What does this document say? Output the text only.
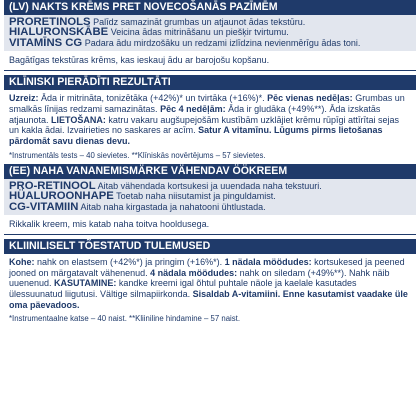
(LV) NAKTS KRĒMS PRET NOVECOŠANĀS PAZĪMĒM

PRORETINOLS Palīdz samazināt grumbas un atjaunot ādas tekstūru.

HIALURONSKĀBE Veicina ādas mitrināšanu un piešķir tvirtumu.

VITAMĪNS CG Padara ādu mirdzošāku un redzami izlīdzina nevienmērīgu ādas toni.

Bagātīgas tekstūras krēms, kas ieskauj ādu ar barojošu kopšanu.
KLĪNISKI PIERĀDĪTI REZULTĀTI
Uzreiz: Āda ir mitrināta, tonizētāka (+42%)* un tvirtāka (+16%)*. Pēc vienas nedēļas: Grumbas un smalkās līnijas redzami samazinātas. Pēc 4 nedēļām: Āda ir gludāka (+49%**). Āda izskatās atjaunota. LIETOŠANA: katru vakaru augšupejošām kustībām uzklājiet krēmu rūpīgi attīrītai sejas un kakla ādai. Izvairieties no saskares ar acīm. Satur A vitamīnu. Lūgums pirms lietošanas pārdomāt savu dienas devu.
*Instrumentāls tests – 40 sievietes. **Klīniskās novērtējums – 57 sievietes.
(EE) NAHA VANANEMISMÄRKE VÄHENDAV ÖÖKREEM

PRO-RETINOOL Aitab vähendada kortsukesi ja uuendada naha tekstuuri.

HÜALUROONHAPE Toetab naha niisutamist ja pinguldamist.

CG-VITAMIIN Aitab naha kirgastada ja nahatooni ühtlustada.

Rikkalik kreem, mis katab naha toitva hooldusega.
KLIINILISELT TÕESTATUD TULEMUSED
Kohe: nahk on elastsem (+42%*) ja pringim (+16%*). 1 nädala möödudes: kortsukesed ja peened jooned on märgatavalt vähenenud. 4 nädala möödudes: nahk on siledam (+49%**). Nahk näib uuenenud. KASUTAMINE: kandke kreemi igal õhtul puhtale näole ja kaelale kasutades ülessuunatud liigutusi. Vältige silmapiirkonda. Sisaldab A-vitamiini. Enne kasutamist vaadake üle oma päevadoos.
*Instrumentaalne katse – 40 naist. **Kliiniline hindamine – 57 naist.
